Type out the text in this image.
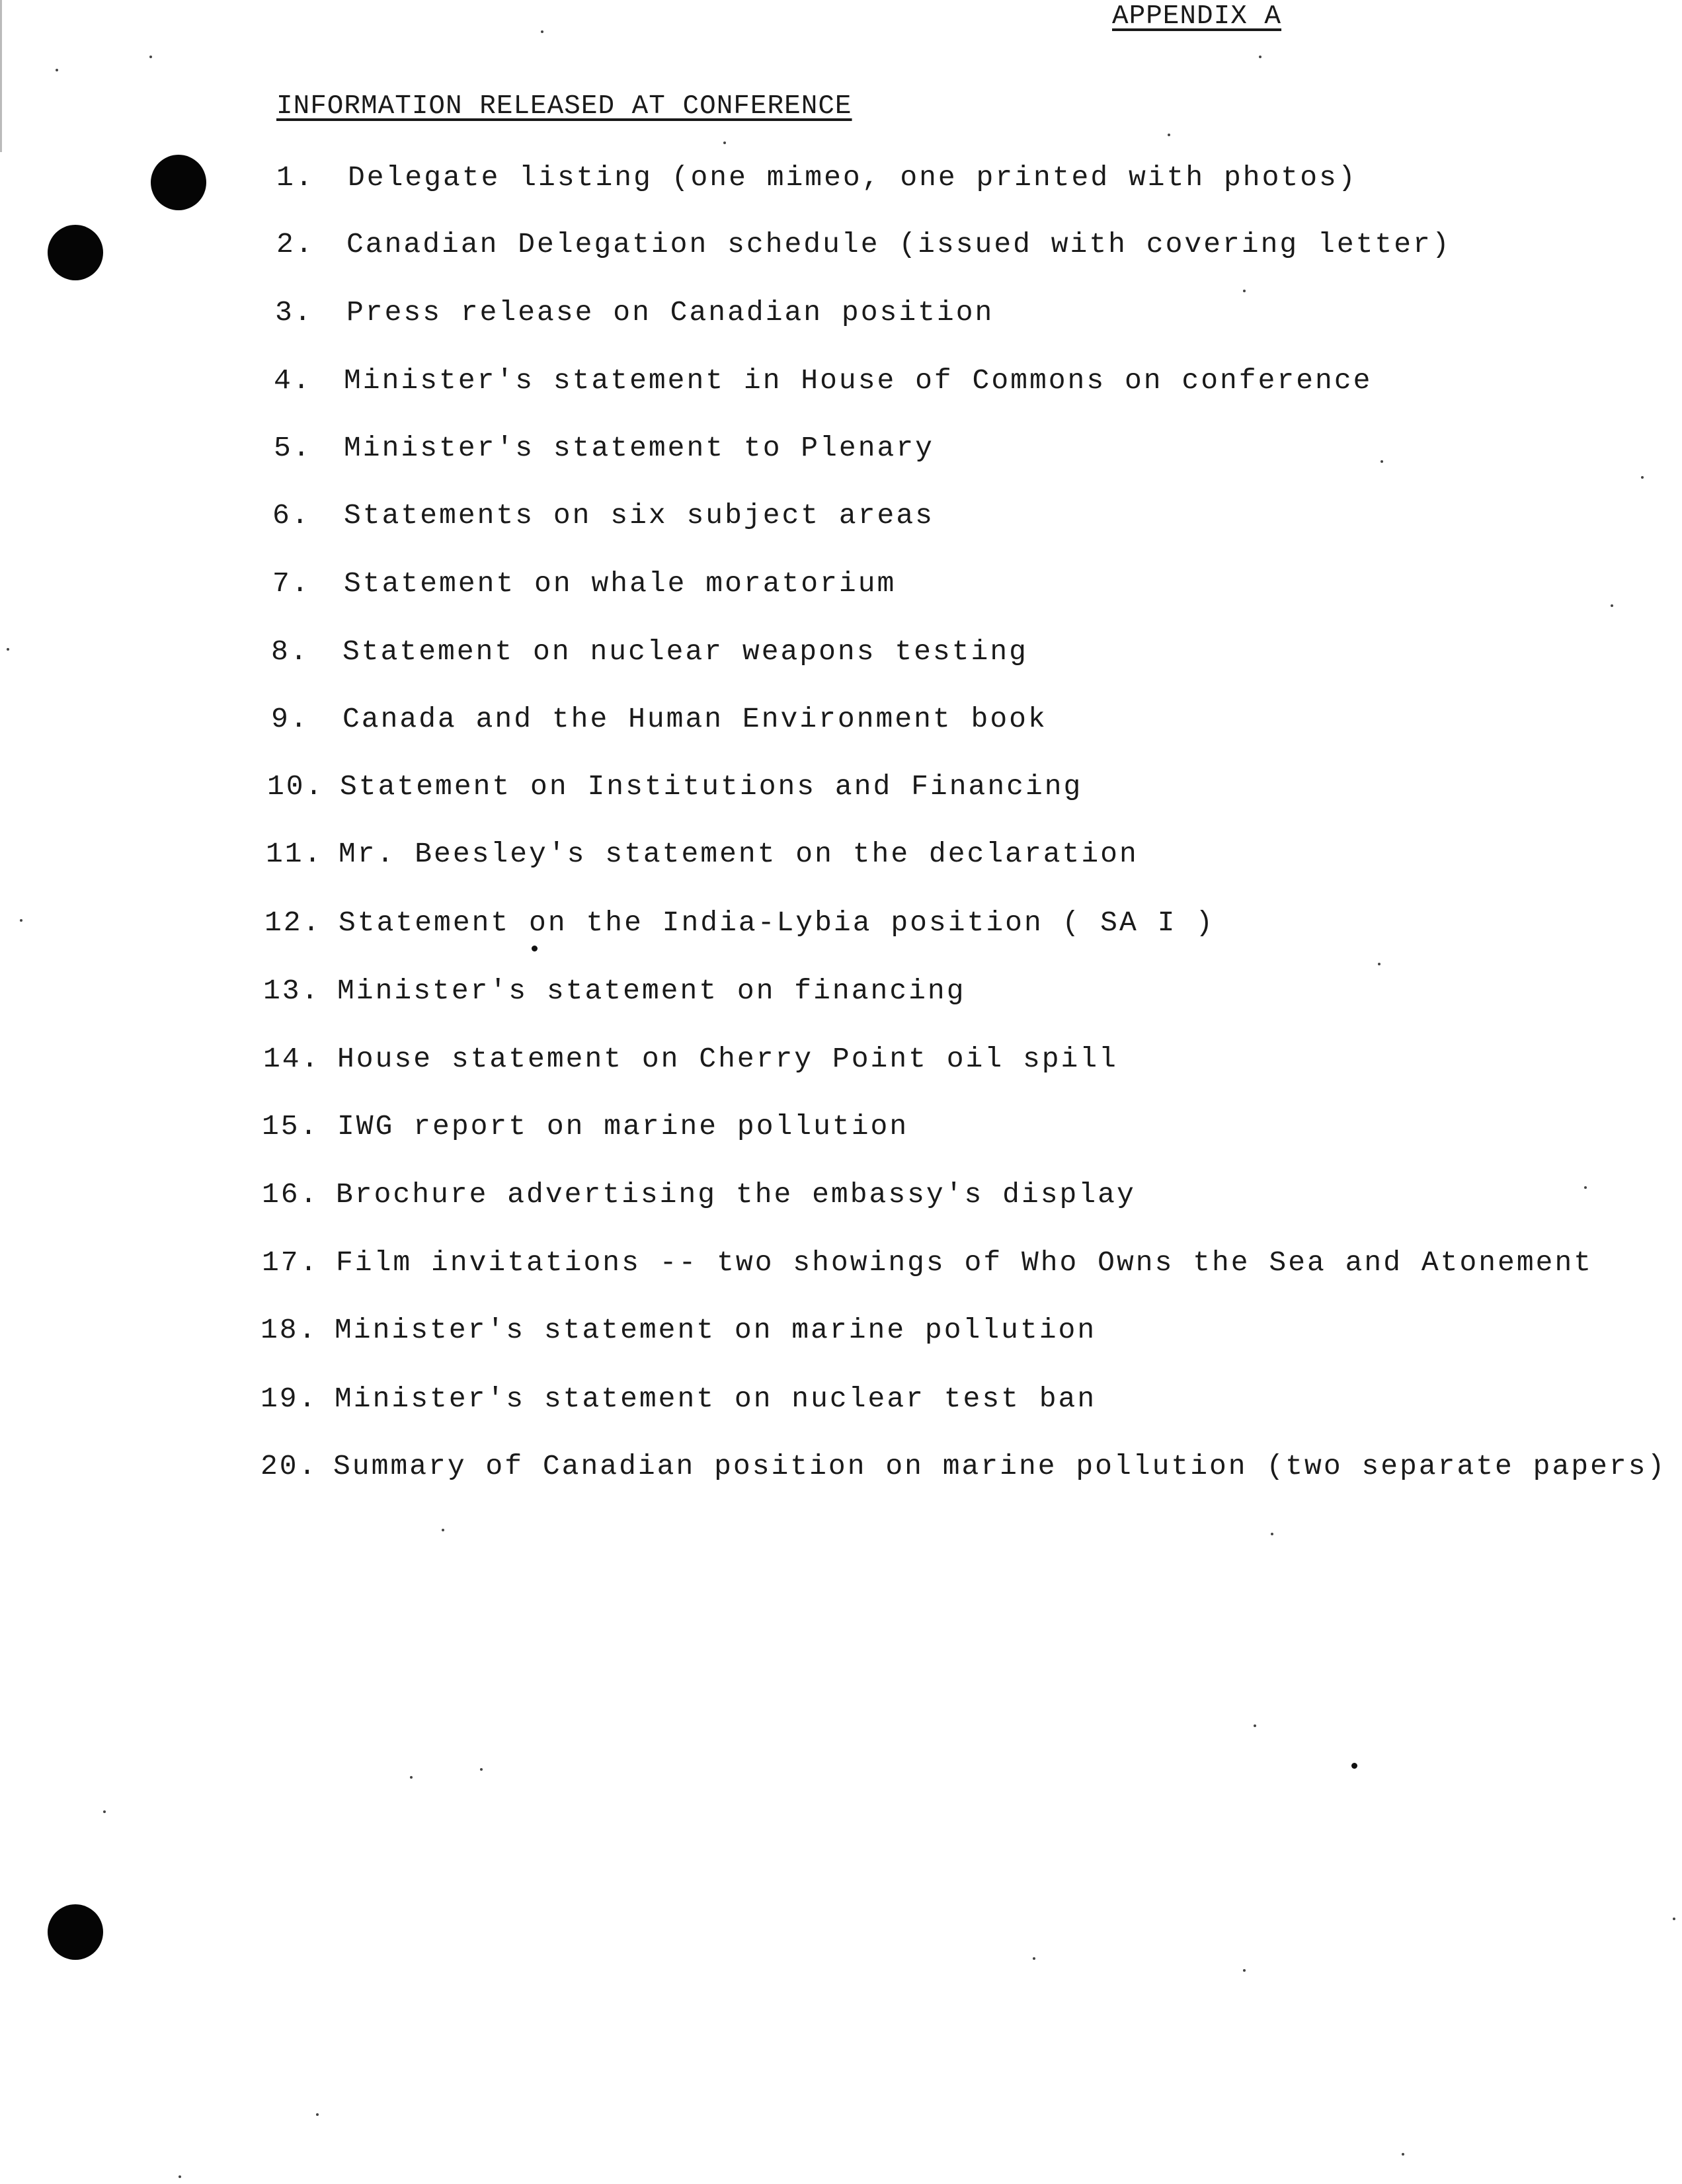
APPENDIX A
INFORMATION RELEASED AT CONFERENCE
1. Delegate listing (one mimeo, one printed with photos)
2. Canadian Delegation schedule (issued with covering letter)
3. Press release on Canadian position
4. Minister's statement in House of Commons on conference
5. Minister's statement to Plenary
6. Statements on six subject areas
7. Statement on whale moratorium
8. Statement on nuclear weapons testing
9. Canada and the Human Environment book
10. Statement on Institutions and Financing
11. Mr. Beesley's statement on the declaration
12. Statement on the India-Lybia position ( SA I )
13. Minister's statement on financing
14. House statement on Cherry Point oil spill
15. IWG report on marine pollution
16. Brochure advertising the embassy's display
17. Film invitations -- two showings of Who Owns the Sea and Atonement
18. Minister's statement on marine pollution
19. Minister's statement on nuclear test ban
20. Summary of Canadian position on marine pollution (two separate papers)
